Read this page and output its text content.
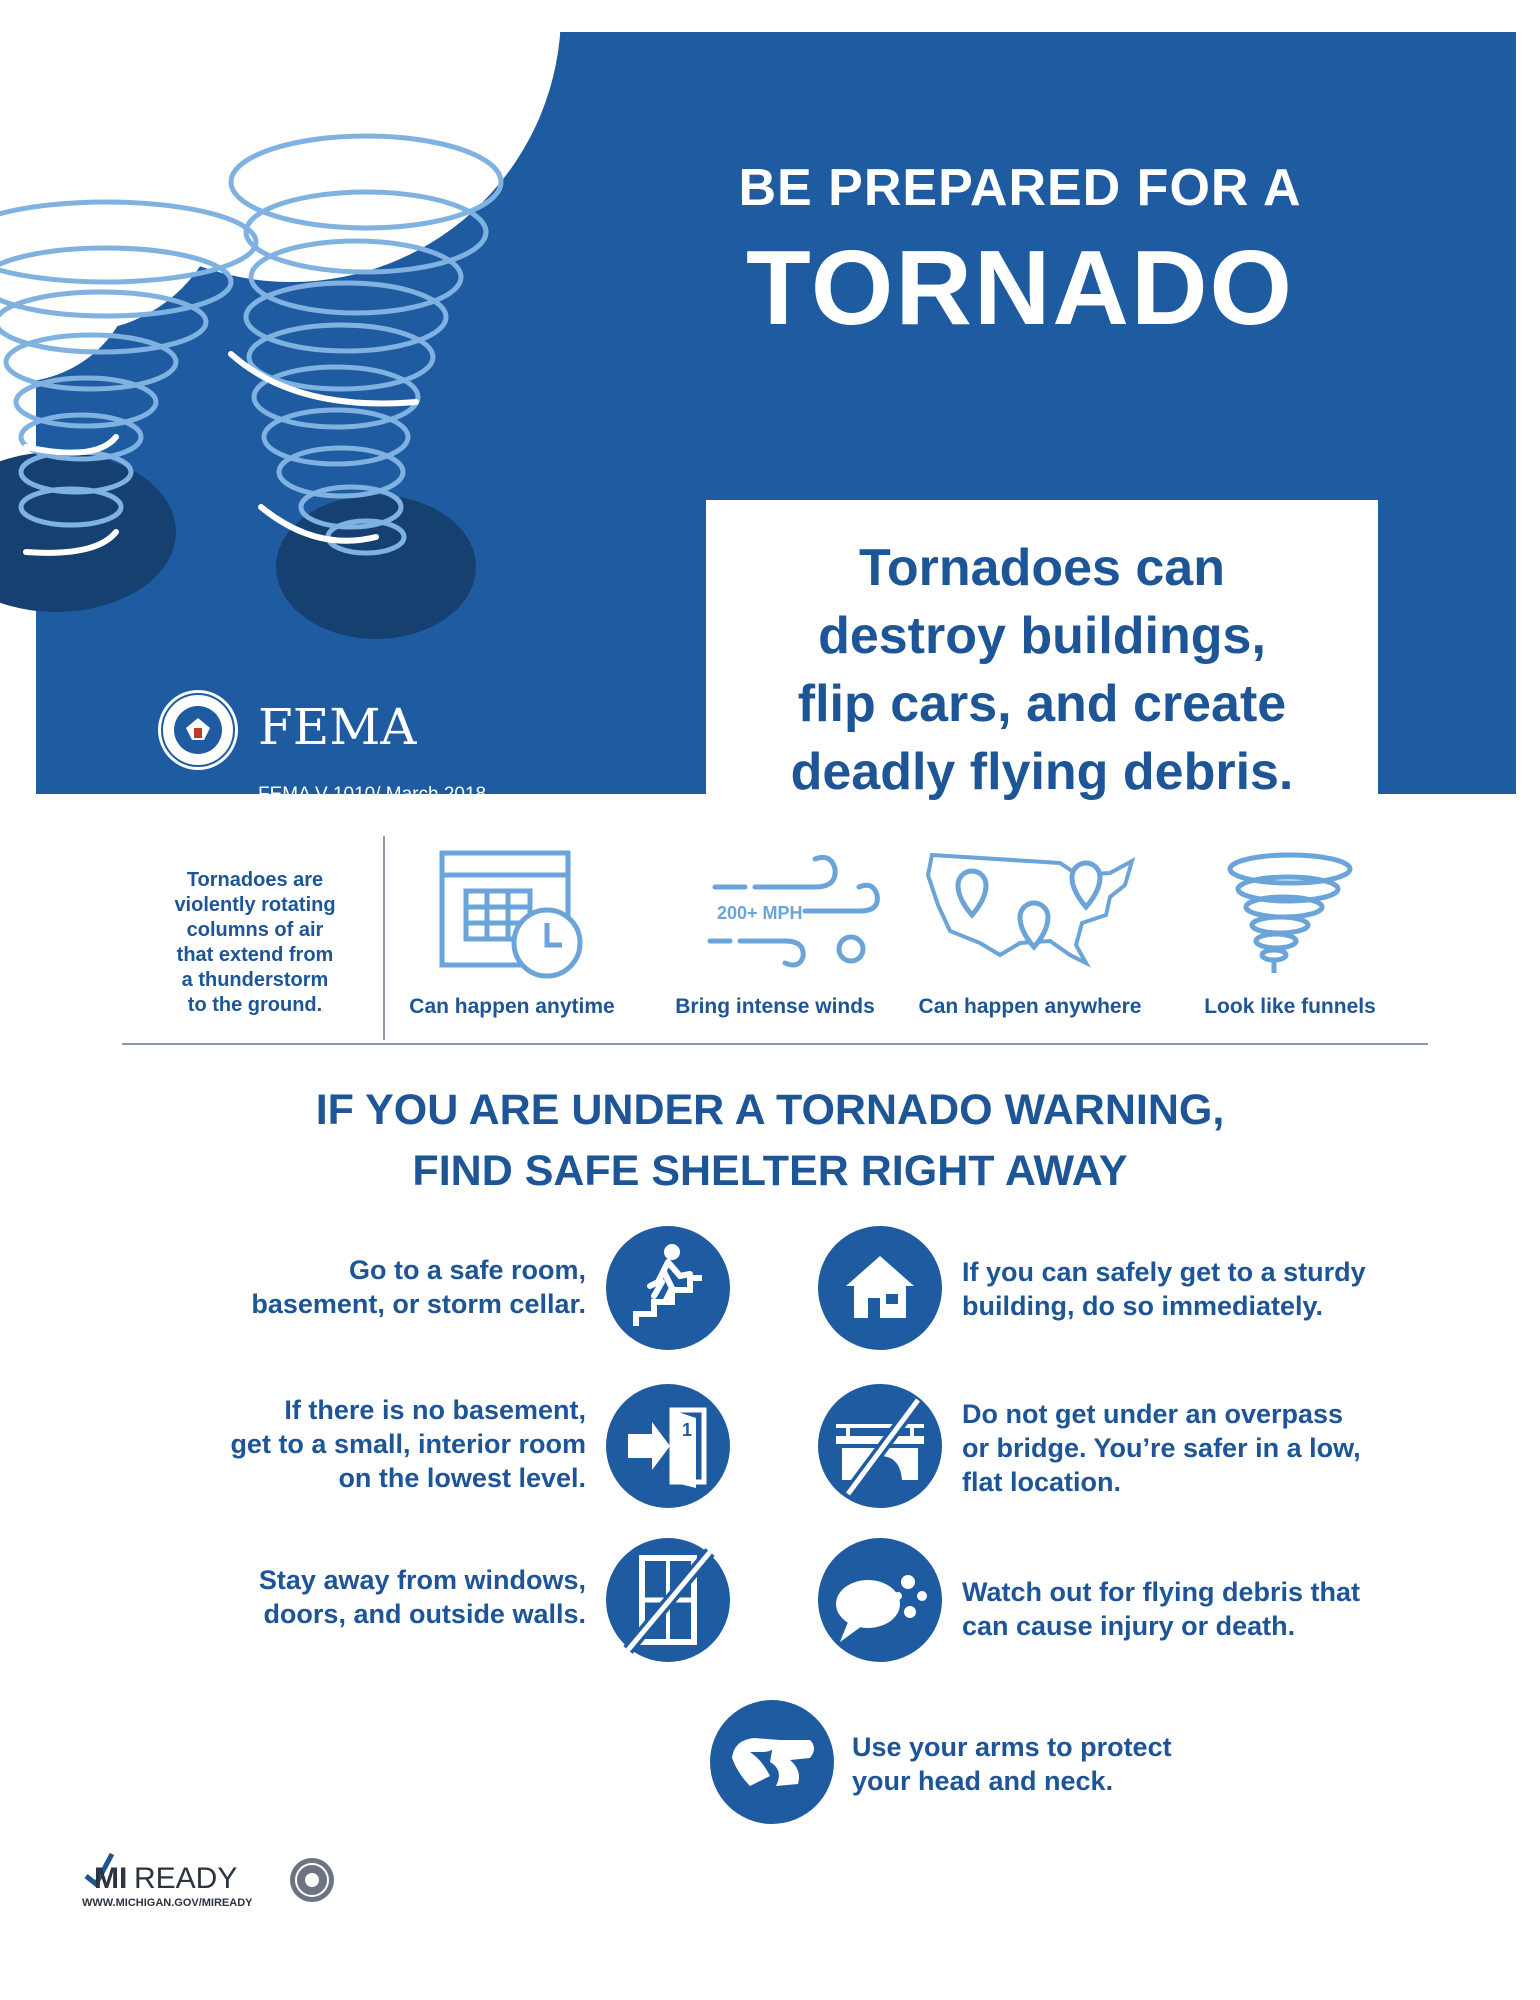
Tornadoes can
destroy buildings,
flip cars, and create
deadly flying debris.
FEMA
FEMA V-1010/ March 2018
BE PREPARED FOR A
TORNADO
Tornadoes are
violently rotating
columns of air
that extend from
a thunderstorm
to the ground.	Can happen anytime
200+ MPH
Bring intense winds	Can happen anywhere	Look like funnels
IF YOU ARE UNDER A TORNADO WARNING,
FIND SAFE SHELTER RIGHT AWAY
Go to a safe room,
basement, or storm cellar.
If you can safely get to a sturdy
building, do so immediately.
If there is no basement,
get to a small, interior room
on the lowest level.
1
Do not get under an overpass
or bridge. You’re safer in a low,
flat location.
Stay away from windows,
doors, and outside walls.
Watch out for flying debris that
can cause injury or death.
Use your arms to protect
your head and neck.
MI READY
WWW.MICHIGAN.GOV/MIREADY
